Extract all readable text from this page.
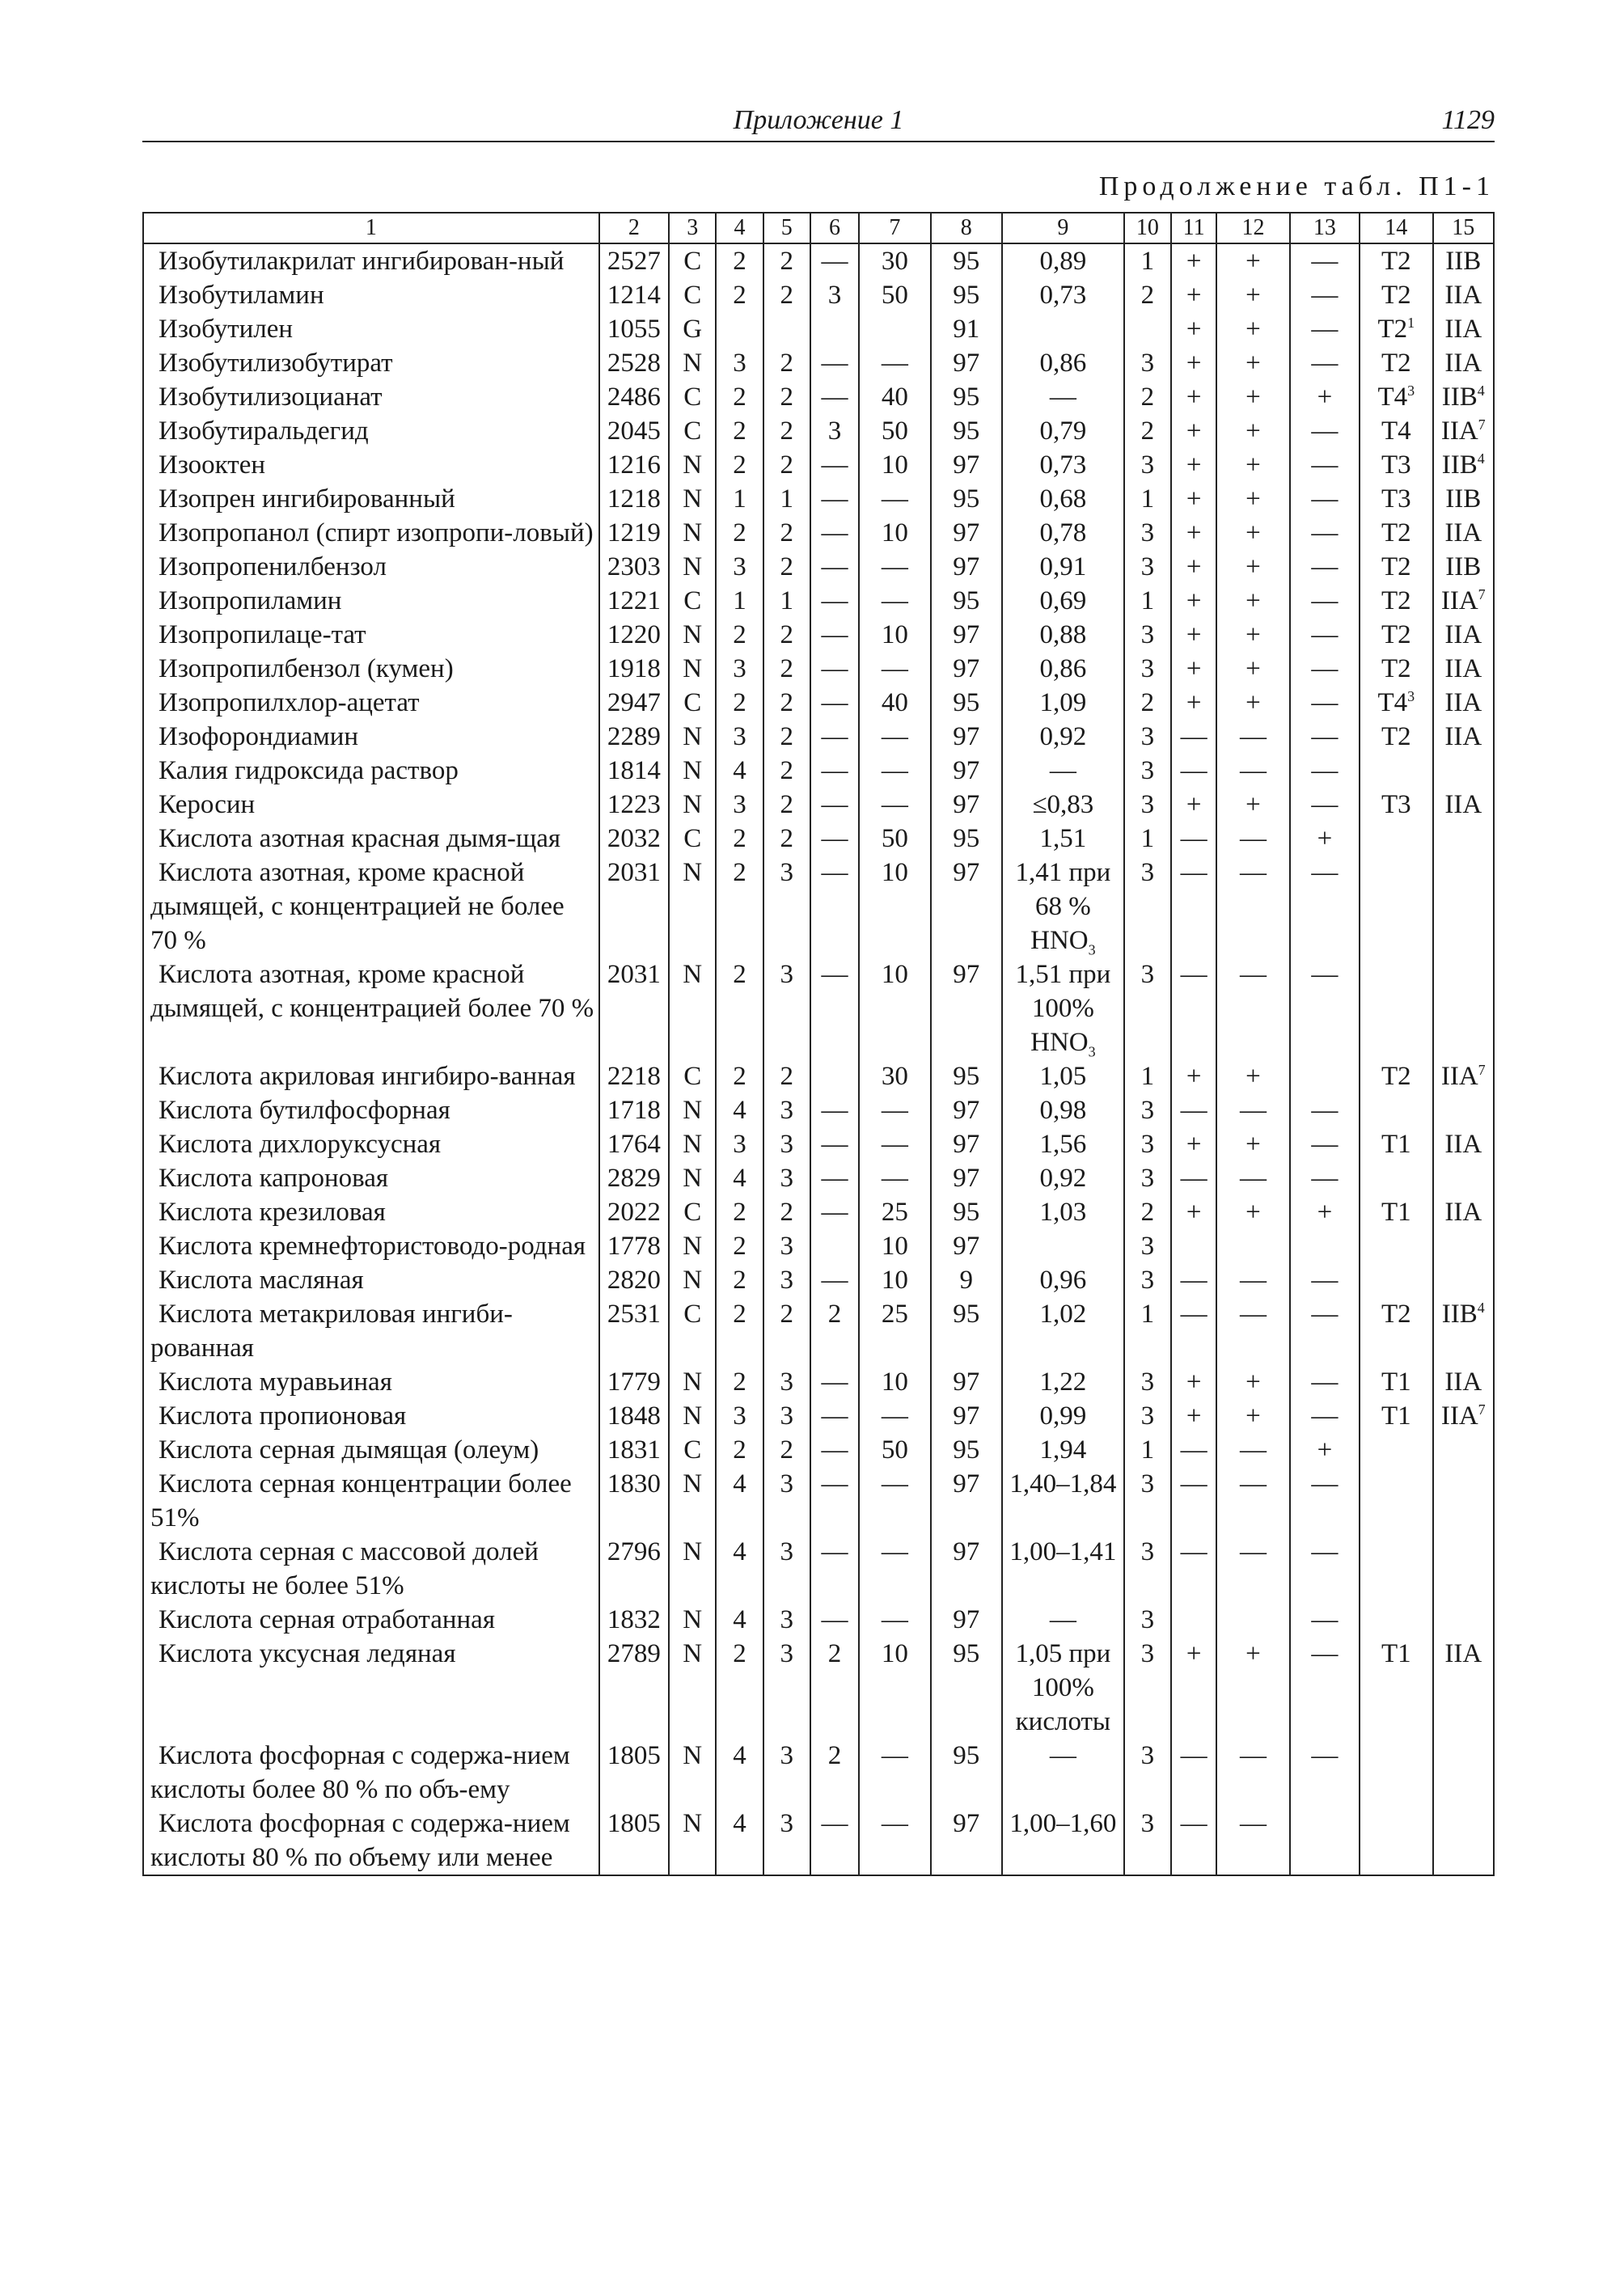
Приложение 1	1129
Продолжение табл. П1-1
1	2	3	4	5	6	7	8	9	10	11	12	13	14	15

Изобутилакрилат ингибирован-ный	2527	C	2	2	—	30	95	0,89	1	+	+	—	T2	IIB

Изобутиламин	1214	C	2	2	3	50	95	0,73	2	+	+	—	T2	IIA

Изобутилен	1055	G					91			+	+	—	$T2^1$	IIA

Изобутилизобутират	2528	N	3	2	—	—	97	0,86	3	+	+	—	T2	IIA

Изобутилизоцианат	2486	C	2	2	—	40	95	—	2	+	+	+	$T4^3$	IIB$^4$

Изобутиральдегид	2045	C	2	2	3	50	95	0,79	2	+	+	—	T4	IIA$^7$

Изооктен	1216	N	2	2	—	10	97	0,73	3	+	+	—	T3	IIB$^4$

Изопрен ингибированный	1218	N	1	1	—	—	95	0,68	1	+	+	—	T3	IIB

Изопропанол (спирт изопропи-ловый)	1219	N	2	2	—	10	97	0,78	3	+	+	—	T2	IIA

Изопропенилбензол	2303	N	3	2	—	—	97	0,91	3	+	+	—	T2	IIB

Изопропиламин	1221	C	1	1	—	—	95	0,69	1	+	+	—	T2	IIA$^7$

Изопропилаце-тат	1220	N	2	2	—	10	97	0,88	3	+	+	—	T2	IIA

Изопропилбензол (кумен)	1918	N	3	2	—	—	97	0,86	3	+	+	—	T2	IIA

Изопропилхлор-ацетат	2947	C	2	2	—	40	95	1,09	2	+	+	—	$T4^3$	IIA

Изофорондиамин	2289	N	3	2	—	—	97	0,92	3	—	—	—	T2	IIA

Калия гидроксида раствор	1814	N	4	2	—	—	97	—	3	—	—	—		

Керосин	1223	N	3	2	—	—	97	≤0,83	3	+	+	—	T3	IIA

Кислота азотная красная дымя-щая	2032	C	2	2	—	50	95	1,51	1	—	—	+		

Кислота азотная, кроме красной дымящей, с концентрацией не более 70 %	2031	N	2	3	—	10	97	1,41 при 68 % $HNO_3$	3	—	—	—		

Кислота азотная, кроме красной дымящей, с концентрацией более 70 %	2031	N	2	3	—	10	97	1,51 при 100% $HNO_3$	3	—	—	—		

Кислота акриловая ингибиро-ванная	2218	C	2	2		30	95	1,05	1	+	+		T2	IIA$^7$

Кислота бутилфосфорная	1718	N	4	3	—	—	97	0,98	3	—	—	—		

Кислота дихлоруксусная	1764	N	3	3	—	—	97	1,56	3	+	+	—	T1	IIA

Кислота капроновая	2829	N	4	3	—	—	97	0,92	3	—	—	—		

Кислота крезиловая	2022	C	2	2	—	25	95	1,03	2	+	+	+	T1	IIA

Кислота кремнефтористоводо-родная	1778	N	2	3		10	97		3					

Кислота масляная	2820	N	2	3	—	10	9	0,96	3	—	—	—		

Кислота метакриловая ингиби-рованная	2531	C	2	2	2	25	95	1,02	1	—	—	—	T2	IIB$^4$

Кислота муравьиная	1779	N	2	3	—	10	97	1,22	3	+	+	—	T1	IIA

Кислота пропионовая	1848	N	3	3	—	—	97	0,99	3	+	+	—	T1	IIA$^7$

Кислота серная дымящая (олеум)	1831	C	2	2	—	50	95	1,94	1	—	—	+		

Кислота серная концентрации более 51%	1830	N	4	3	—	—	97	1,40–1,84	3	—	—	—		

Кислота серная с массовой долей кислоты не более 51%	2796	N	4	3	—	—	97	1,00–1,41	3	—	—	—		

Кислота серная отработанная	1832	N	4	3	—	—	97	—	3			—		

Кислота уксусная ледяная	2789	N	2	3	2	10	95	1,05 при 100% кислоты	3	+	+	—	T1	IIA

Кислота фосфорная с содержа-нием кислоты более 80 % по объ-ему	1805	N	4	3	2	—	95	—	3	—	—	—		

Кислота фосфорная с содержа-нием кислоты 80 % по объему или менее	1805	N	4	3	—	—	97	1,00–1,60	3	—	—			
